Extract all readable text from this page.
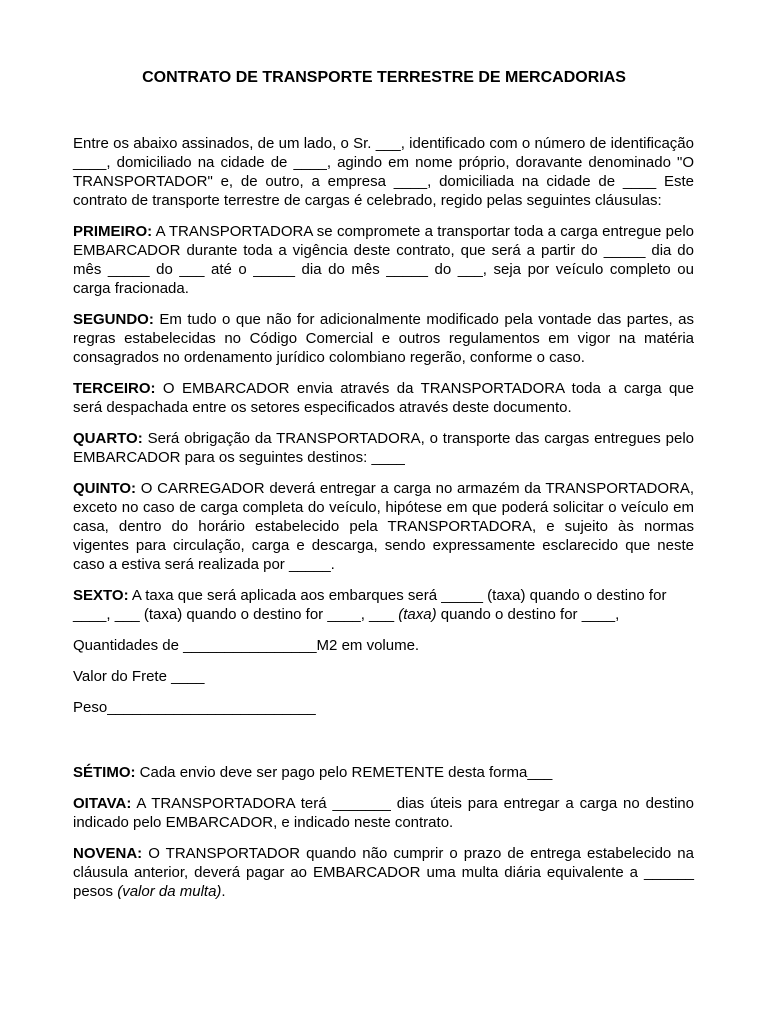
CONTRATO DE TRANSPORTE TERRESTRE DE MERCADORIAS

Entre os abaixo assinados, de um lado, o Sr. ___, identificado com o número de identificação ____, domiciliado na cidade de ____, agindo em nome próprio, doravante denominado "O TRANSPORTADOR" e, de outro, a empresa ____, domiciliada na cidade de ____ Este contrato de transporte terrestre de cargas é celebrado, regido pelas seguintes cláusulas:

PRIMEIRO: A TRANSPORTADORA se compromete a transportar toda a carga entregue pelo EMBARCADOR durante toda a vigência deste contrato, que será a partir do _____ dia do mês _____ do ___ até o _____ dia do mês _____ do ___, seja por veículo completo ou carga fracionada.

SEGUNDO: Em tudo o que não for adicionalmente modificado pela vontade das partes, as regras estabelecidas no Código Comercial e outros regulamentos em vigor na matéria consagrados no ordenamento jurídico colombiano regerão, conforme o caso.

TERCEIRO: O EMBARCADOR envia através da TRANSPORTADORA toda a carga que será despachada entre os setores especificados através deste documento.

QUARTO: Será obrigação da TRANSPORTADORA, o transporte das cargas entregues pelo EMBARCADOR para os seguintes destinos: ____

QUINTO: O CARREGADOR deverá entregar a carga no armazém da TRANSPORTADORA, exceto no caso de carga completa do veículo, hipótese em que poderá solicitar o veículo em casa, dentro do horário estabelecido pela TRANSPORTADORA, e sujeito às normas vigentes para circulação, carga e descarga, sendo expressamente esclarecido que neste caso a estiva será realizada por _____.

SEXTO: A taxa que será aplicada aos embarques será _____ (taxa) quando o destino for ____, ___ (taxa) quando o destino for ____, ___ (taxa) quando o destino for ____,

Quantidades de ________________M2 em volume.

Valor do Frete ____

Peso_________________________

SÉTIMO: Cada envio deve ser pago pelo REMETENTE desta forma___

OITAVA: A TRANSPORTADORA terá _______ dias úteis para entregar a carga no destino indicado pelo EMBARCADOR, e indicado neste contrato.

NOVENA: O TRANSPORTADOR quando não cumprir o prazo de entrega estabelecido na cláusula anterior, deverá pagar ao EMBARCADOR uma multa diária equivalente a ______ pesos (valor da multa).
